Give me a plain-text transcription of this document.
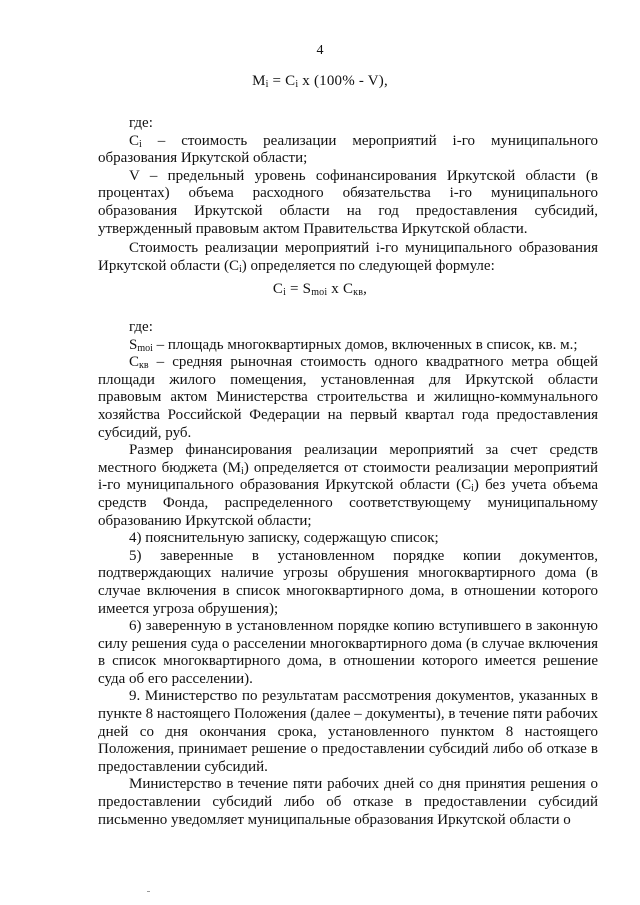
4
$M_i = C_i$ x (100% - V),

где:

$C_i$ – стоимость реализации мероприятий i-го муниципального образования Иркутской области;

V – предельный уровень софинансирования Иркутской области (в процентах) объема расходного обязательства i-го муниципального образования Иркутской области на год предоставления субсидий, утвержденный правовым актом Правительства Иркутской области.

Стоимость реализации мероприятий i-го муниципального образования Иркутской области $(C_i)$ определяется по следующей формуле:

$C_i = S_{moi}$ x $C_{кв}$,

где:

$S_{moi}$ – площадь многоквартирных домов, включенных в список, кв. м.;

$C_{кв}$ – средняя рыночная стоимость одного квадратного метра общей площади жилого помещения, установленная для Иркутской области правовым актом Министерства строительства и жилищно-коммунального хозяйства Российской Федерации на первый квартал года предоставления субсидий, руб.

Размер финансирования реализации мероприятий за счет средств местного бюджета $(M_i)$ определяется от стоимости реализации мероприятий i-го муниципального образования Иркутской области $(C_i)$ без учета объема средств Фонда, распределенного соответствующему муниципальному образованию Иркутской области;

4) пояснительную записку, содержащую список;

5) заверенные в установленном порядке копии документов, подтверждающих наличие угрозы обрушения многоквартирного дома (в случае включения в список многоквартирного дома, в отношении которого имеется угроза обрушения);

6) заверенную в установленном порядке копию вступившего в законную силу решения суда о расселении многоквартирного дома (в случае включения в список многоквартирного дома, в отношении которого имеется решение суда об его расселении).

9. Министерство по результатам рассмотрения документов, указанных в пункте 8 настоящего Положения (далее – документы), в течение пяти рабочих дней со дня окончания срока, установленного пунктом 8 настоящего Положения, принимает решение о предоставлении субсидий либо об отказе в предоставлении субсидий.

Министерство в течение пяти рабочих дней со дня принятия решения о предоставлении субсидий либо об отказе в предоставлении субсидий письменно уведомляет муниципальные образования Иркутской области о
